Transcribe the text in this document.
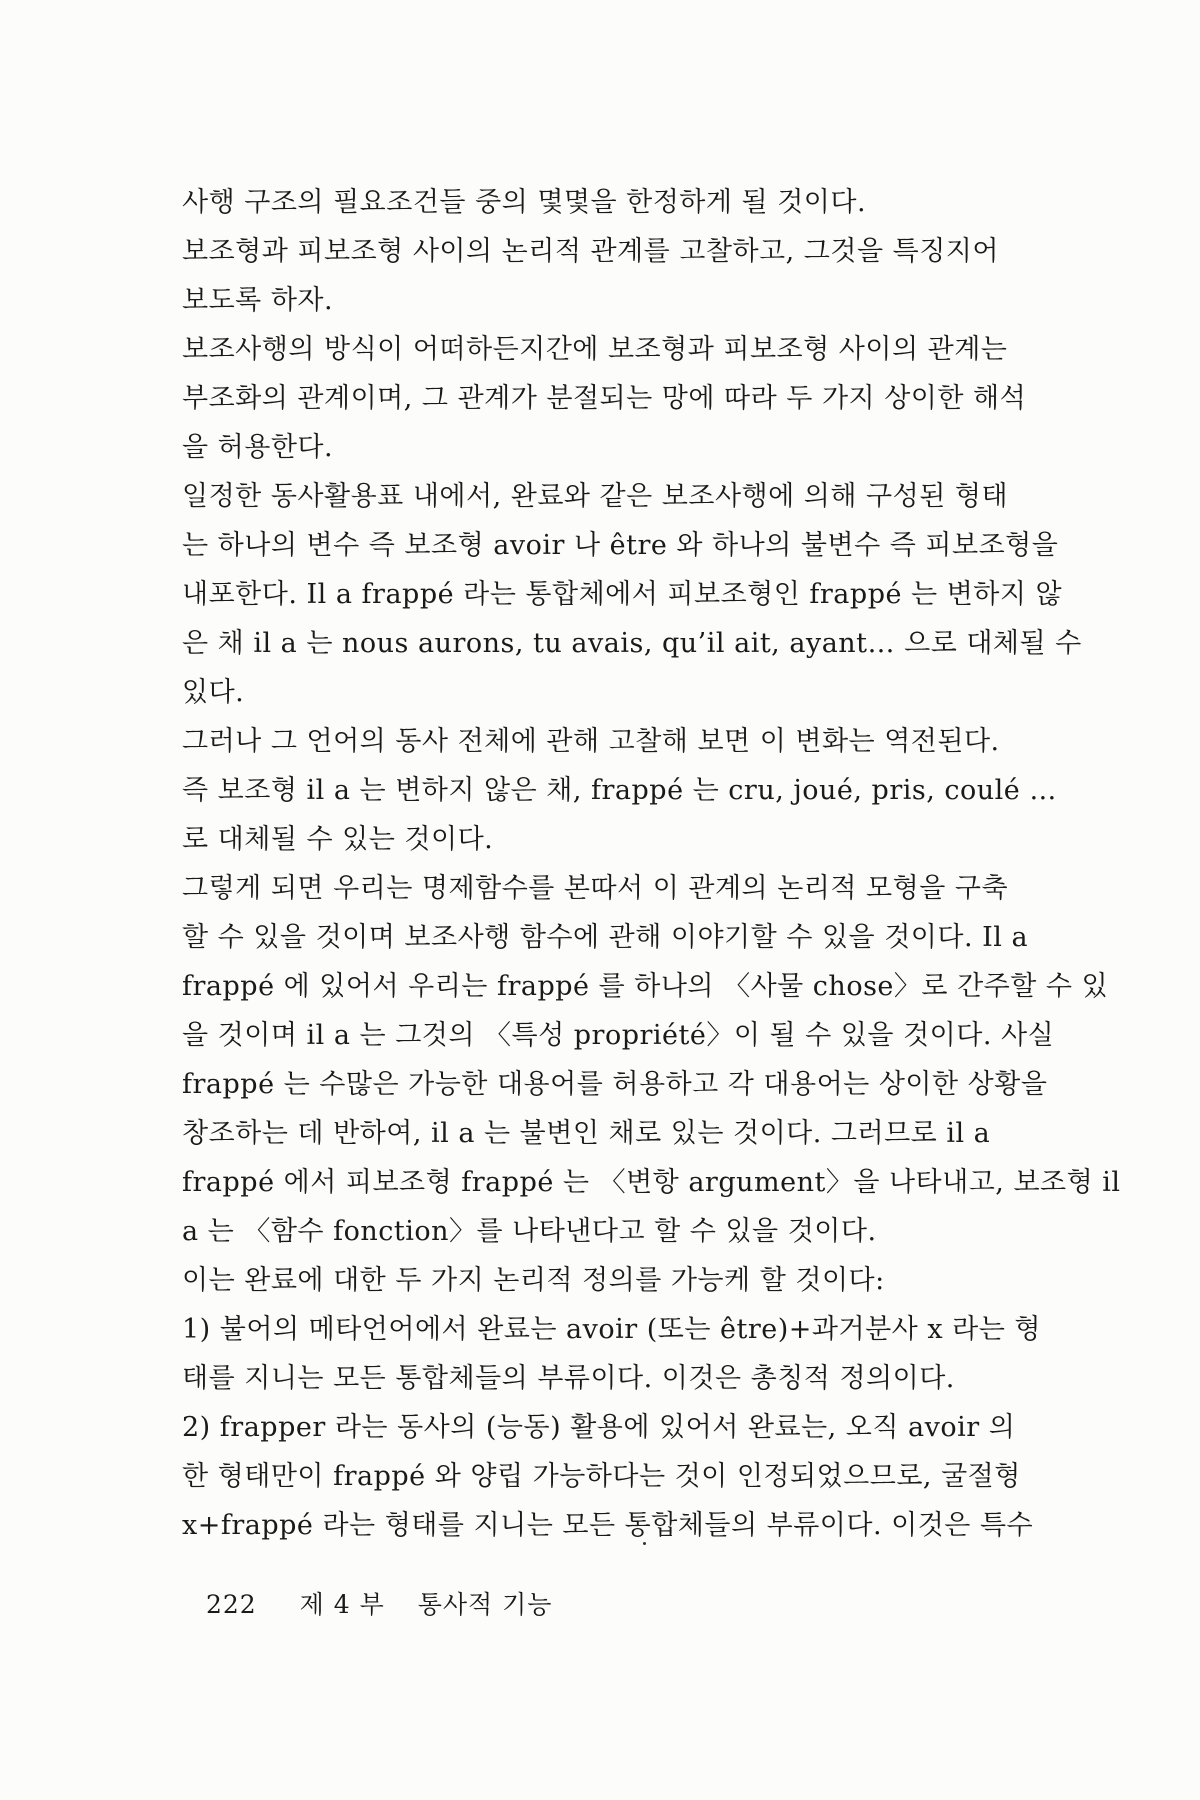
사행 구조의 필요조건들 중의 몇몇을 한정하게 될 것이다.
보조형과 피보조형 사이의 논리적 관계를 고찰하고, 그것을 특징지어
보도록 하자.
보조사행의 방식이 어떠하든지간에 보조형과 피보조형 사이의 관계는
부조화의 관계이며, 그 관계가 분절되는 망에 따라 두 가지 상이한 해석
을 허용한다.
일정한 동사활용표 내에서, 완료와 같은 보조사행에 의해 구성된 형태
는 하나의 변수 즉 보조형 avoir 나 être 와 하나의 불변수 즉 피보조형을
내포한다. Il a frappé 라는 통합체에서 피보조형인 frappé 는 변하지 않
은 채 il a 는 nous aurons, tu avais, qu’il ait, ayant… 으로 대체될 수
있다.
그러나 그 언어의 동사 전체에 관해 고찰해 보면 이 변화는 역전된다.
즉 보조형 il a 는 변하지 않은 채, frappé 는 cru, joué, pris, coulé …
로 대체될 수 있는 것이다.
그렇게 되면 우리는 명제함수를 본따서 이 관계의 논리적 모형을 구축
할 수 있을 것이며 보조사행 함수에 관해 이야기할 수 있을 것이다. Il a
frappé 에 있어서 우리는 frappé 를 하나의 〈사물 chose〉로 간주할 수 있
을 것이며 il a 는 그것의 〈특성 propriété〉이 될 수 있을 것이다. 사실
frappé 는 수많은 가능한 대용어를 허용하고 각 대용어는 상이한 상황을
창조하는 데 반하여, il a 는 불변인 채로 있는 것이다. 그러므로 il a
frappé 에서 피보조형 frappé 는 〈변항 argument〉을 나타내고, 보조형 il
a 는 〈함수 fonction〉를 나타낸다고 할 수 있을 것이다.
이는 완료에 대한 두 가지 논리적 정의를 가능케 할 것이다:
1) 불어의 메타언어에서 완료는 avoir (또는 être)+과거분사 x 라는 형
태를 지니는 모든 통합체들의 부류이다. 이것은 총칭적 정의이다.
2) frapper 라는 동사의 (능동) 활용에 있어서 완료는, 오직 avoir 의
한 형태만이 frappé 와 양립 가능하다는 것이 인정되었으므로, 굴절형
x+frappé 라는 형태를 지니는 모든 통합체들의 부류이다. 이것은 특수
222 제 4 부 통사적 기능
